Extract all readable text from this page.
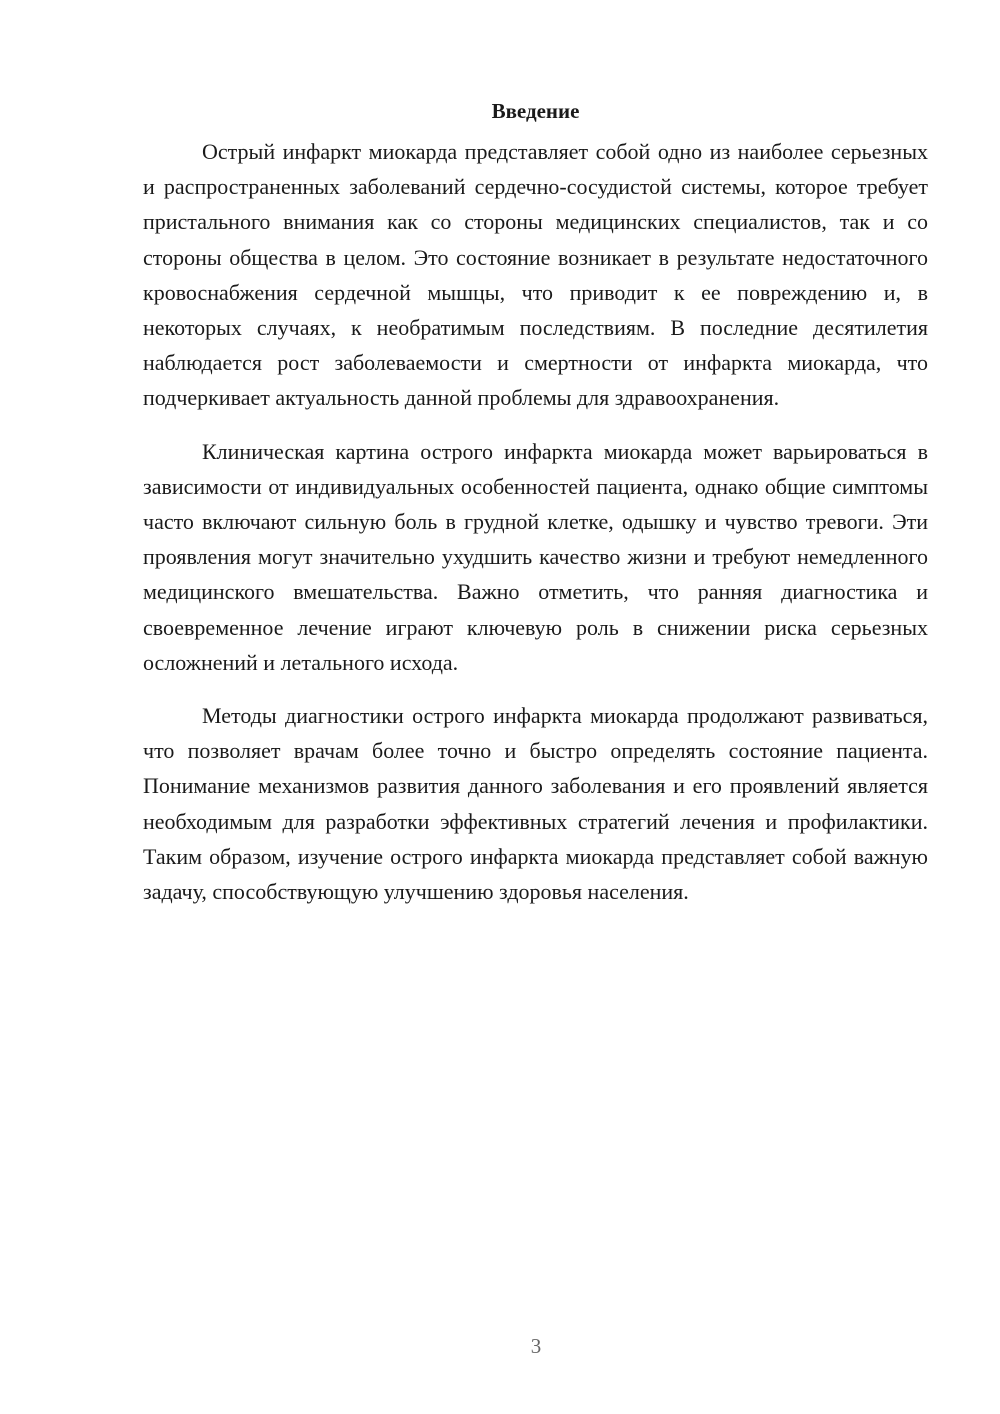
Введение

Острый инфаркт миокарда представляет собой одно из наиболее серьезных и распространенных заболеваний сердечно-сосудистой системы, которое требует пристального внимания как со стороны медицинских специалистов, так и со стороны общества в целом. Это состояние возникает в результате недостаточного кровоснабжения сердечной мышцы, что приводит к ее повреждению и, в некоторых случаях, к необратимым последствиям. В последние десятилетия наблюдается рост заболеваемости и смертности от инфаркта миокарда, что подчеркивает актуальность данной проблемы для здравоохранения.

Клиническая картина острого инфаркта миокарда может варьироваться в зависимости от индивидуальных особенностей пациента, однако общие симптомы часто включают сильную боль в грудной клетке, одышку и чувство тревоги. Эти проявления могут значительно ухудшить качество жизни и требуют немедленного медицинского вмешательства. Важно отметить, что ранняя диагностика и своевременное лечение играют ключевую роль в снижении риска серьезных осложнений и летального исхода.

Методы диагностики острого инфаркта миокарда продолжают развиваться, что позволяет врачам более точно и быстро определять состояние пациента. Понимание механизмов развития данного заболевания и его проявлений является необходимым для разработки эффективных стратегий лечения и профилактики. Таким образом, изучение острого инфаркта миокарда представляет собой важную задачу, способствующую улучшению здоровья населения.

3
